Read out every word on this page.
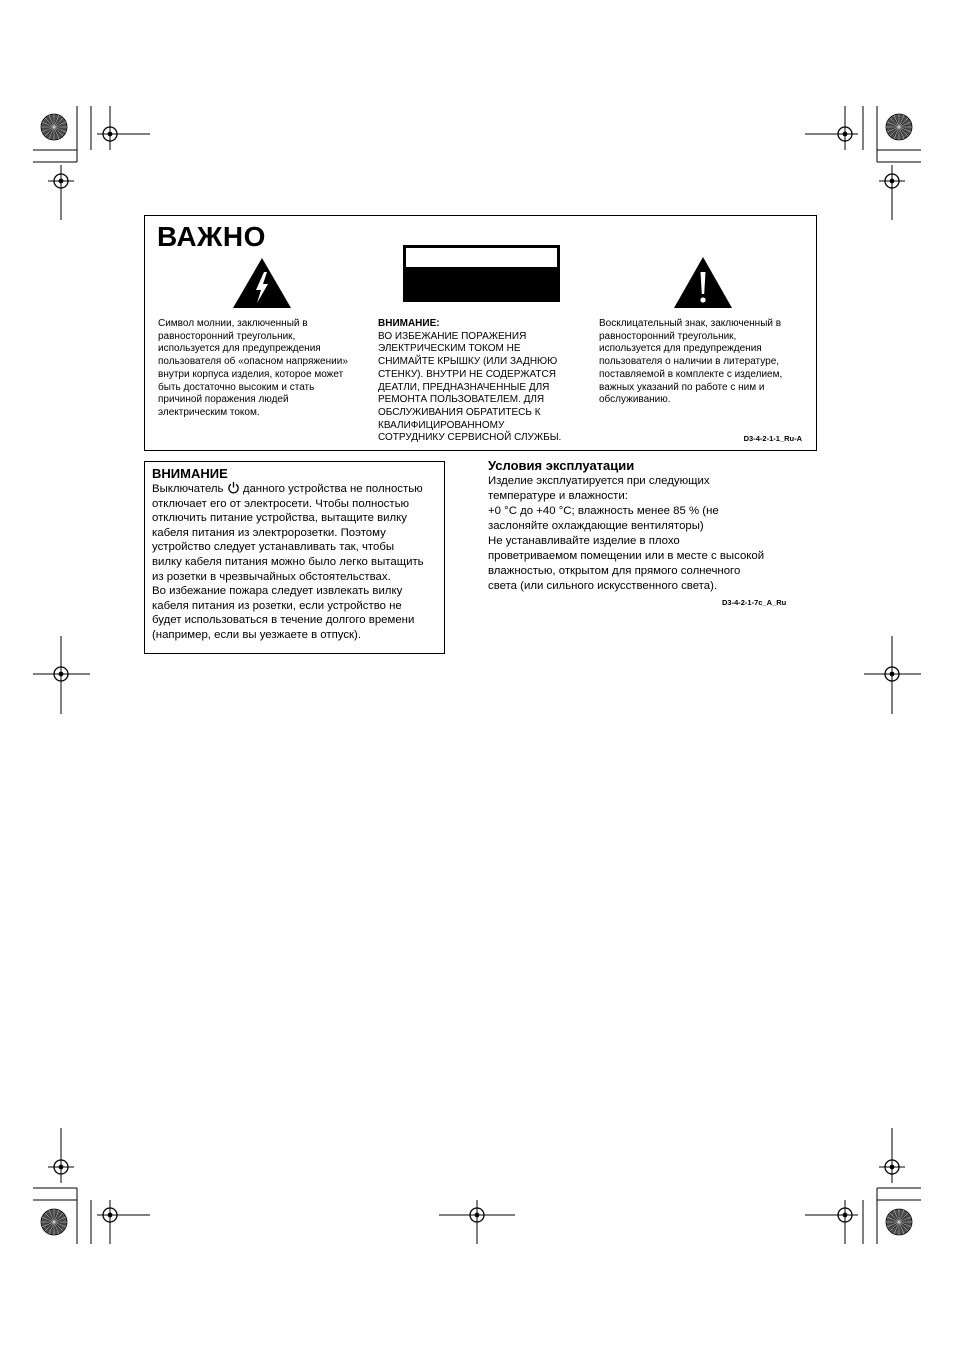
ВАЖНО

Символ молнии, заключенный в
равносторонний треугольник,
используется для предупреждения
пользователя об «опасном напряжении»
внутри корпуса изделия, которое может
быть достаточно высоким и стать
причиной поражения людей
электрическим током.

ВНИМАНИЕ:
ВО ИЗБЕЖАНИЕ ПОРАЖЕНИЯ
ЭЛЕКТРИЧЕСКИМ ТОКОМ НЕ
СНИМАЙТЕ КРЫШКУ (ИЛИ ЗАДНЮЮ
СТЕНКУ). ВНУТРИ НЕ СОДЕРЖАТСЯ
ДЕАТЛИ, ПРЕДНАЗНАЧЕННЫЕ ДЛЯ
РЕМОНТА ПОЛЬЗОВАТЕЛЕМ. ДЛЯ
ОБСЛУЖИВАНИЯ ОБРАТИТЕСЬ К
КВАЛИФИЦИРОВАННОМУ
СОТРУДНИКУ СЕРВИСНОЙ СЛУЖБЫ.

Восклицательный знак, заключенный в
равносторонний треугольник,
используется для предупреждения
пользователя о наличии в литературе,
поставляемой в комплекте с изделием,
важных указаний по работе с ним и
обслуживанию.

D3-4-2-1-1_Ru-A
ВНИМАНИЕ

Выключатель данного устройства не полностью
отключает его от электросети. Чтобы полностью
отключить питание устройства, вытащите вилку
кабеля питания из электророзетки. Поэтому
устройство следует устанавливать так, чтобы
вилку кабеля питания можно было легко вытащить
из розетки в чрезвычайных обстоятельствах.
Во избежание пожара следует извлекать вилку
кабеля питания из розетки, если устройство не
будет использоваться в течение долгого времени
(например, если вы уезжаете в отпуск).

Условия эксплуатации

Изделие эксплуатируется при следующих
температуре и влажности:
+0 °C до +40 °C; влажность менее 85 % (не
заслоняйте охлаждающие вентиляторы)
Не устанавливайте изделие в плохо
проветриваемом помещении или в месте с высокой
влажностью, открытом для прямого солнечного
света (или сильного искусственного света).

D3-4-2-1-7c_A_Ru
